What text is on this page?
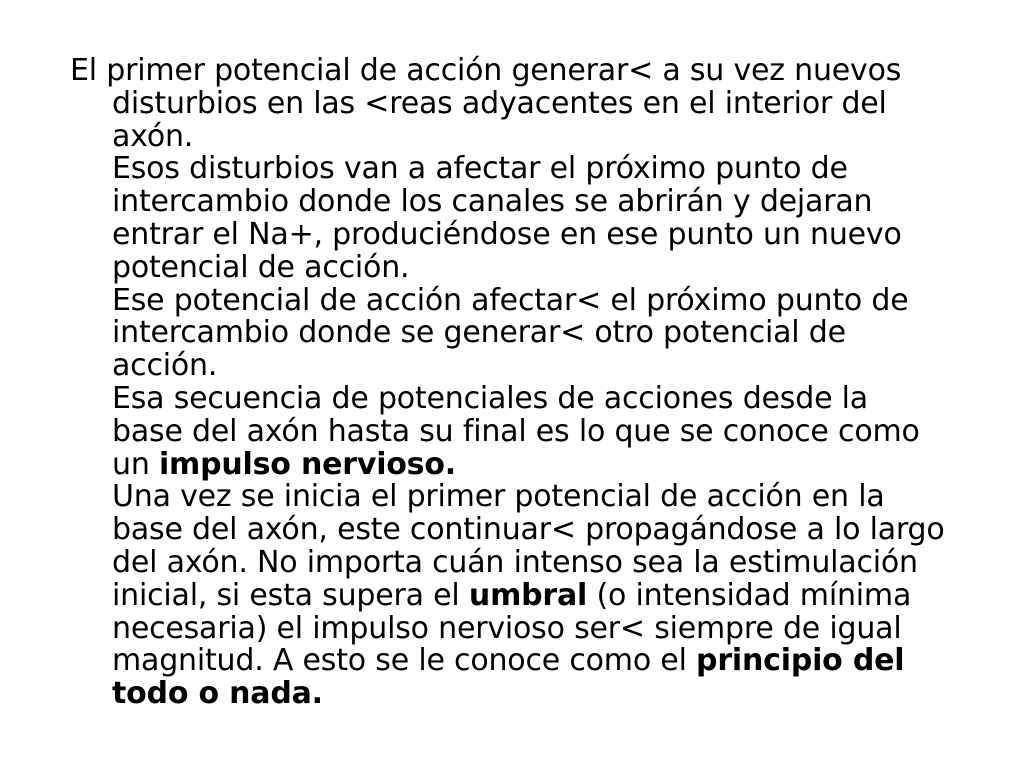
El primer potencial de acción generar< a su vez nuevos
disturbios en las <reas adyacentes en el interior del
axón.
Esos disturbios van a afectar el próximo punto de
intercambio donde los canales se abrirán y dejaran
entrar el Na+, produciéndose en ese punto un nuevo
potencial de acción.
Ese potencial de acción afectar< el próximo punto de
intercambio donde se generar< otro potencial de
acción.
Esa secuencia de potenciales de acciones desde la
base del axón hasta su final es lo que se conoce como
un impulso nervioso.
Una vez se inicia el primer potencial de acción en la
base del axón, este continuar< propagándose a lo largo
del axón. No importa cuán intenso sea la estimulación
inicial, si esta supera el umbral (o intensidad mínima
necesaria) el impulso nervioso ser< siempre de igual
magnitud. A esto se le conoce como el principio del
todo o nada.
